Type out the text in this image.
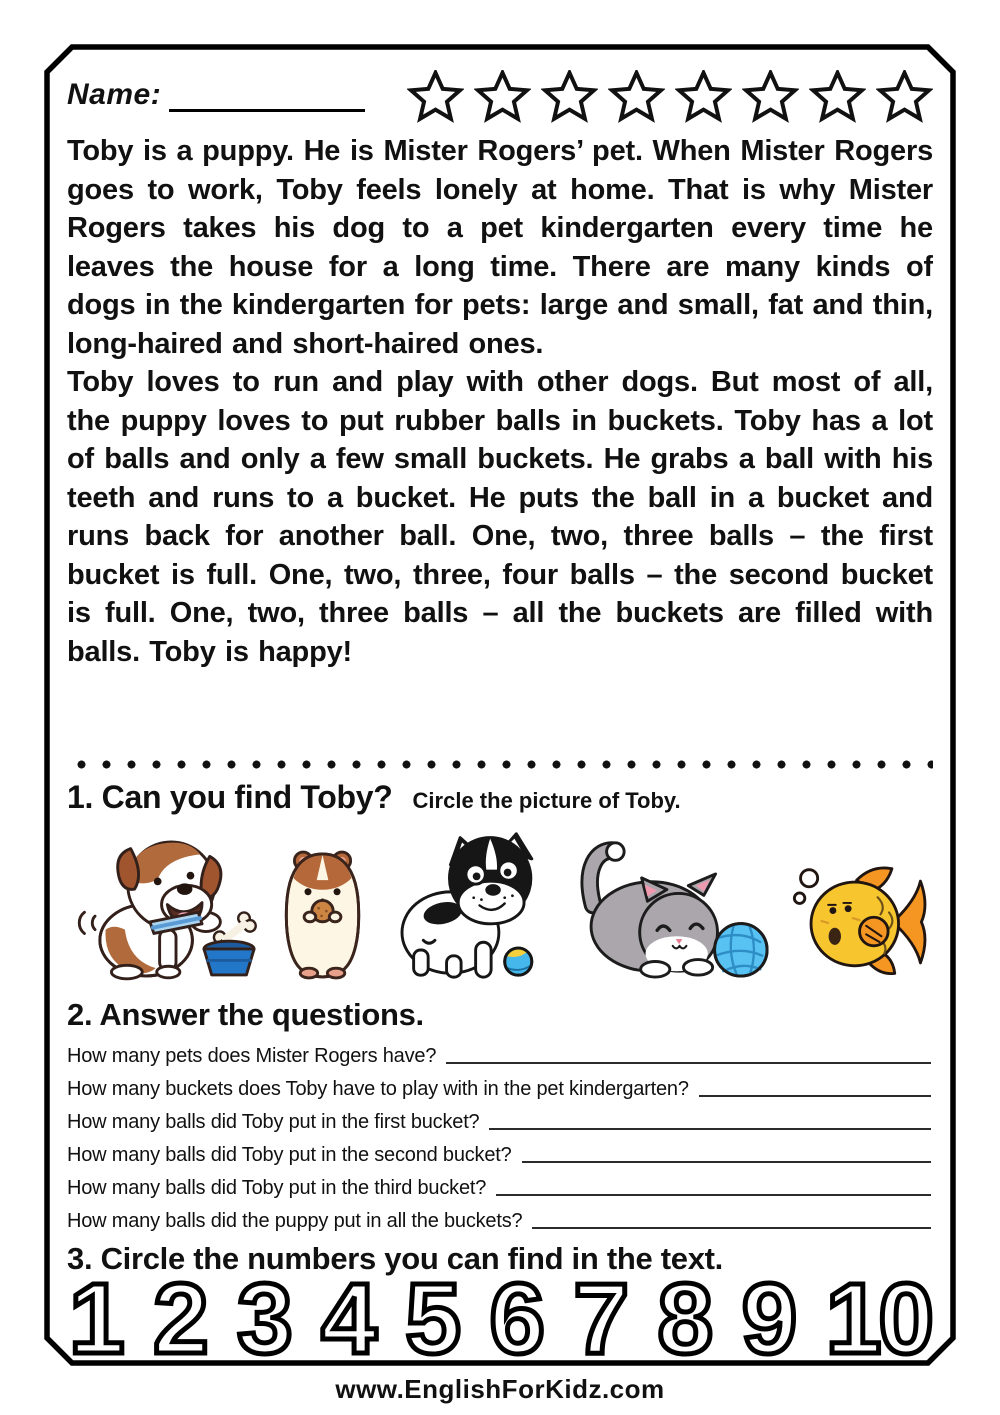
Name:

Toby is a puppy. He is Mister Rogers’ pet. When Mister Rogers goes to work, Toby feels lonely at home. That is why Mister Rogers takes his dog to a pet kindergarten every time he leaves the house for a long time. There are many kinds of dogs in the kindergarten for pets: large and small, fat and thin, long-haired and short-haired ones.

Toby loves to run and play with other dogs. But most of all, the puppy loves to put rubber balls in buckets. Toby has a lot of balls and only a few small buckets. He grabs a ball with his teeth and runs to a bucket. He puts the ball in a bucket and runs back for another ball. One, two, three balls – the first bucket is full. One, two, three, four balls – the second bucket is full. One, two, three balls – all the buckets are filled with balls. Toby is happy!

1. Can you find Toby? Circle the picture of Toby.
2. Answer the questions.
How many pets does Mister Rogers have?
How many buckets does Toby have to play with in the pet kindergarten?
How many balls did Toby put in the first bucket?
How many balls did Toby put in the second bucket?
How many balls did Toby put in the third bucket?
How many balls did the puppy put in all the buckets?
3. Circle the numbers you can find in the text.
1 2 3 4 5 6 7 8 9 10
www.EnglishForKidz.com
